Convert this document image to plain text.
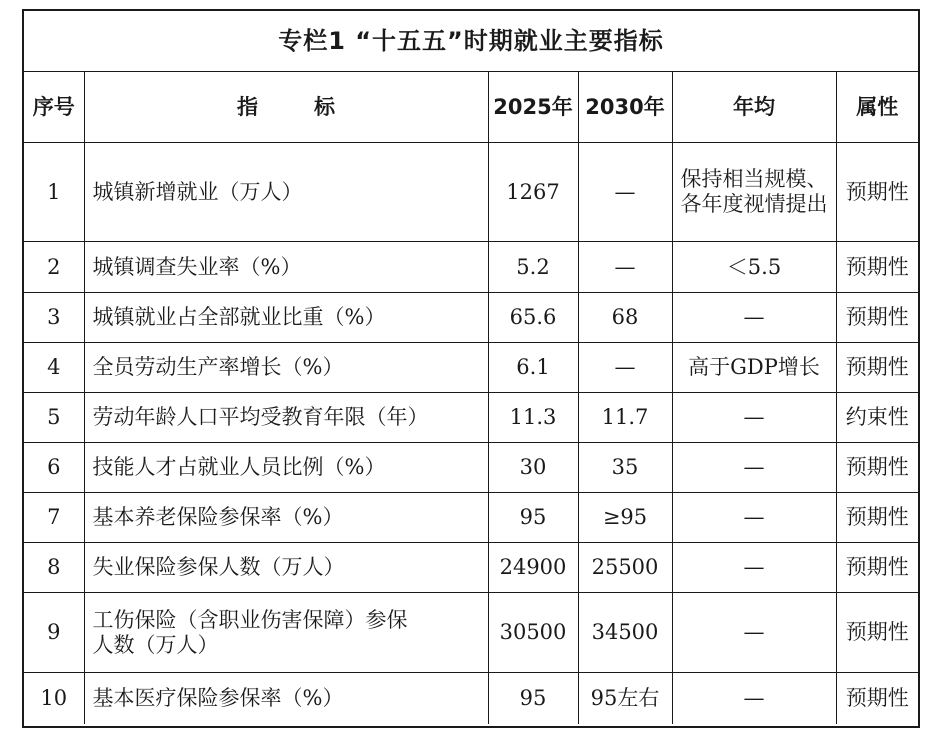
专栏1 “十五五”时期就业主要指标					
序号	指 标	2025年	2030年	年均	属性
1	城镇新增就业（万人）	1267	—	保持相当规模、各年度视情提出	预期性
2	城镇调查失业率（%）	5.2	—	＜5.5	预期性
3	城镇就业占全部就业比重（%）	65.6	68	—	预期性
4	全员劳动生产率增长（%）	6.1	—	高于GDP增长	预期性
5	劳动年龄人口平均受教育年限（年）	11.3	11.7	—	约束性
6	技能人才占就业人员比例（%）	30	35	—	预期性
7	基本养老保险参保率（%）	95	≥95	—	预期性
8	失业保险参保人数（万人）	24900	25500	—	预期性
9	工伤保险（含职业伤害保障）参保人数（万人）	30500	34500	—	预期性
10	基本医疗保险参保率（%）	95	95左右	—	预期性
